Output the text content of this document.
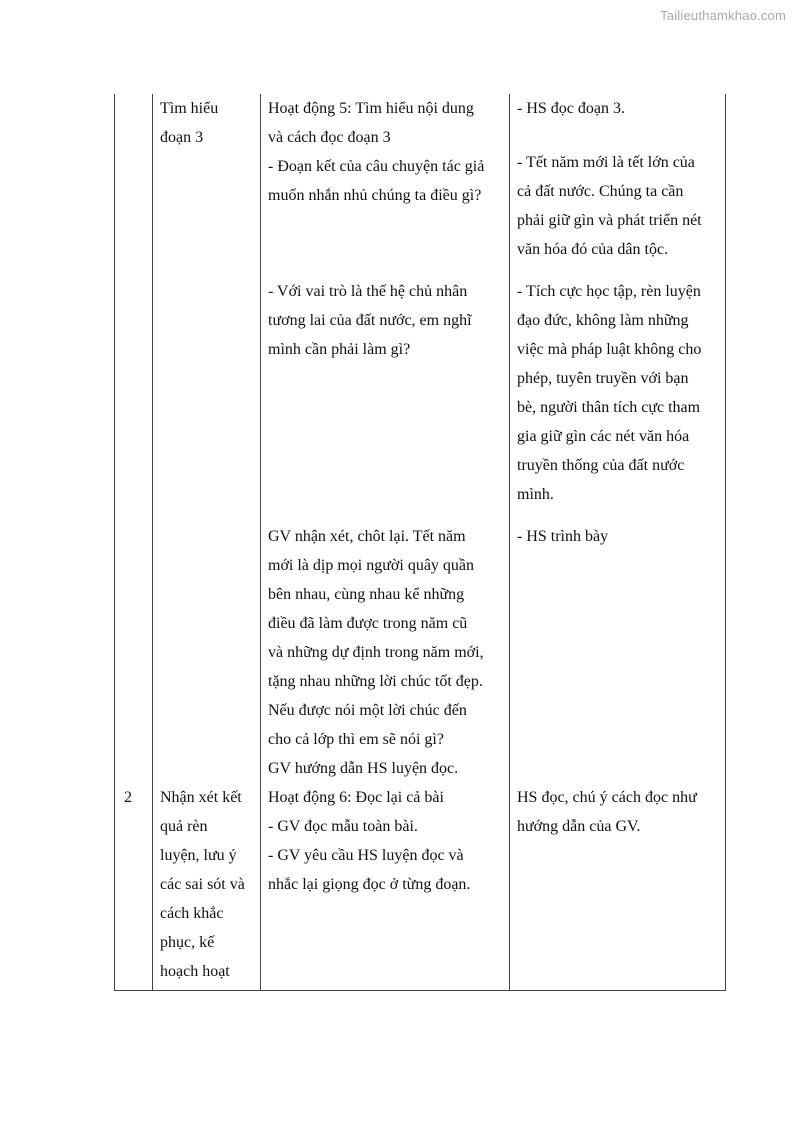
Tailieuthamkhao.com

Tìm hiểu
đoạn 3

Hoạt động 5: Tìm hiểu nội dung
và cách đọc đoạn 3
- Đoạn kết của câu chuyện tác giả
muốn nhắn nhủ chúng ta điều gì?

- HS đọc đoạn 3.

- Tết năm mới là tết lớn của
cả đất nước. Chúng ta cần
phải giữ gìn và phát triển nét
văn hóa đó của dân tộc.

- Với vai trò là thế hệ chủ nhân
tương lai của đất nước, em nghĩ
mình cần phải làm gì?

- Tích cực học tập, rèn luyện
đạo đức, không làm những
việc mà pháp luật không cho
phép, tuyên truyền với bạn
bè, người thân tích cực tham
gia giữ gìn các nét văn hóa
truyền thống của đất nước
mình.

GV nhận xét, chôt lại. Tết năm
mới là dịp mọi người quây quần
bên nhau, cùng nhau kể những
điều đã làm được trong năm cũ
và những dự định trong năm mới,
tặng nhau những lời chúc tốt đẹp.
Nếu được nói một lời chúc đến
cho cả lớp thì em sẽ nói gì?
GV hướng dẫn HS luyện đọc.

- HS trình bày

2	Nhận xét kết
quả rèn
luyện, lưu ý
các sai sót và
cách khắc
phục, kế
hoạch hoạt

Hoạt động 6: Đọc lại cả bài
- GV đọc mẫu toàn bài.
- GV yêu cầu HS luyện đọc và
nhắc lại giọng đọc ở từng đoạn.

HS đọc, chú ý cách đọc như
hướng dẫn của GV.
